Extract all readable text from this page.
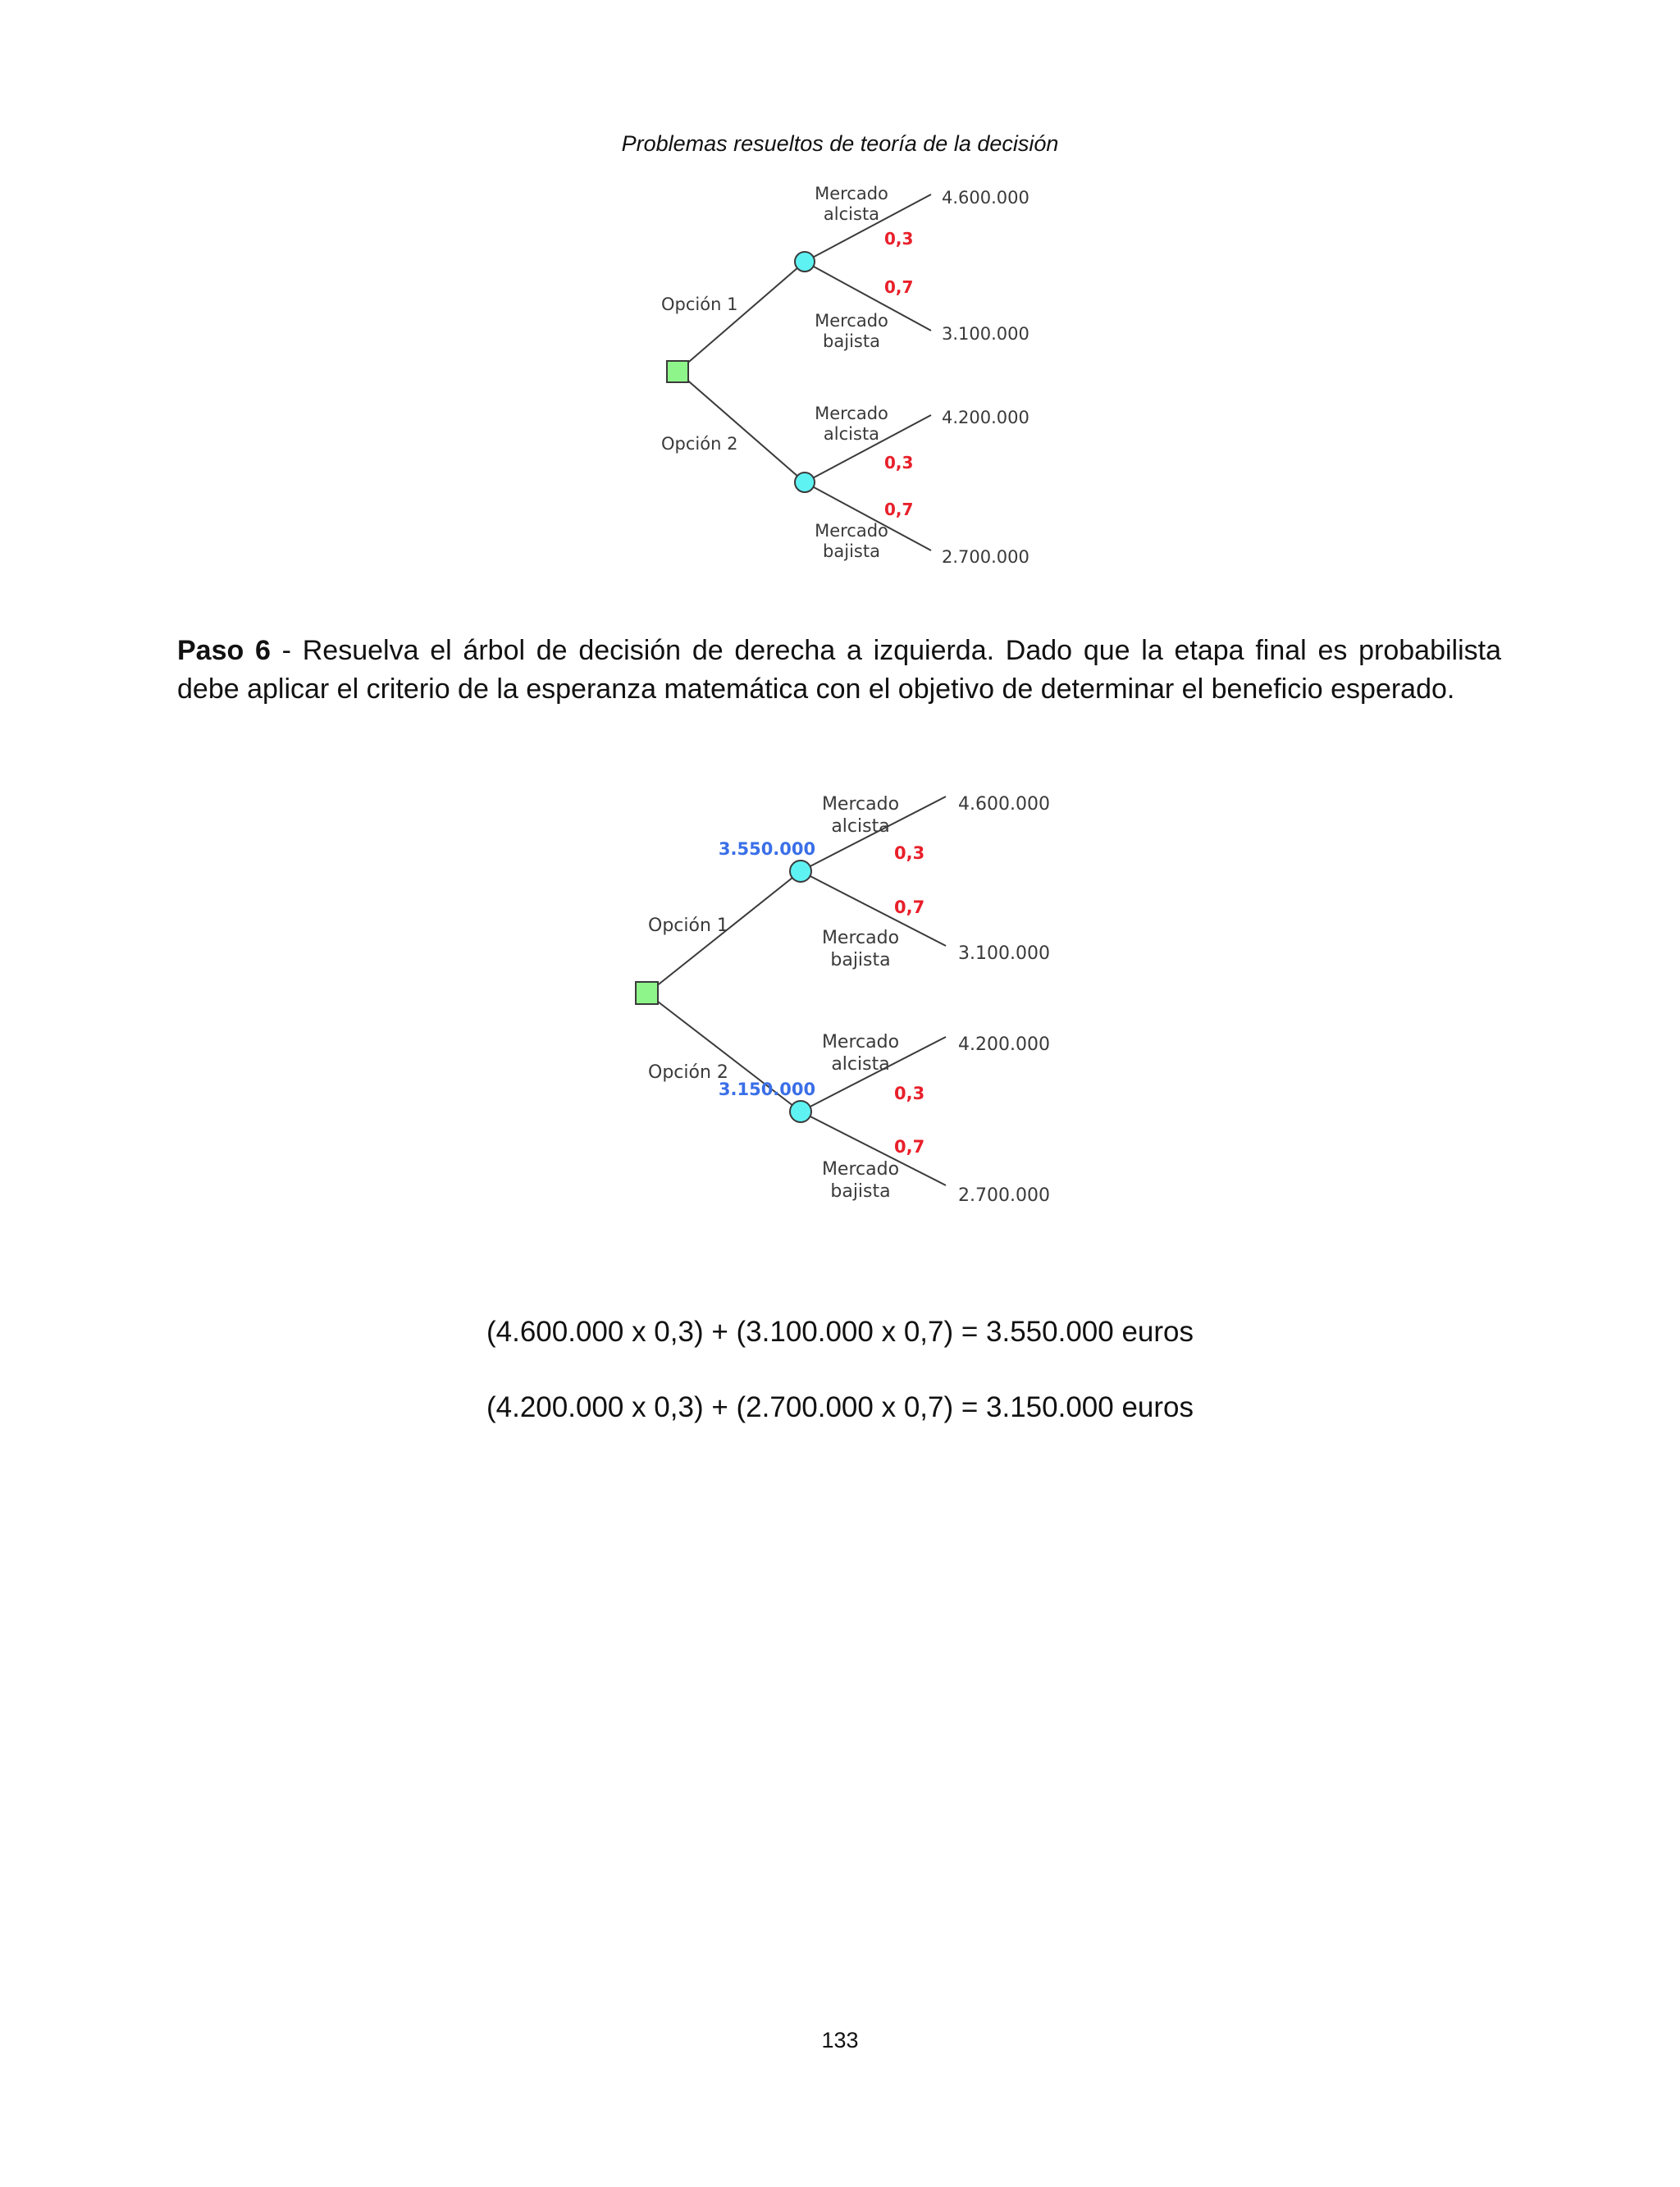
Problemas resueltos de teoría de la decisión
Opción 1
Opción 2
Mercado
alcista
Mercado
bajista
Mercado
alcista
Mercado
bajista
0,3
0,7
0,3
0,7
4.600.000
3.100.000
4.200.000
2.700.000
Paso 6 - Resuelva el árbol de decisión de derecha a izquierda. Dado que la etapa final es probabilista debe aplicar el criterio de la esperanza matemática con el objetivo de determinar el beneficio esperado.
Opción 1
Opción 2
Mercado
alcista
Mercado
bajista
Mercado
alcista
Mercado
bajista
3.550.000
3.150.000
0,3
0,7
0,3
0,7
4.600.000
3.100.000
4.200.000
2.700.000
(4.600.000 x 0,3) + (3.100.000 x 0,7) = 3.550.000 euros
(4.200.000 x 0,3) + (2.700.000 x 0,7) = 3.150.000 euros
133
